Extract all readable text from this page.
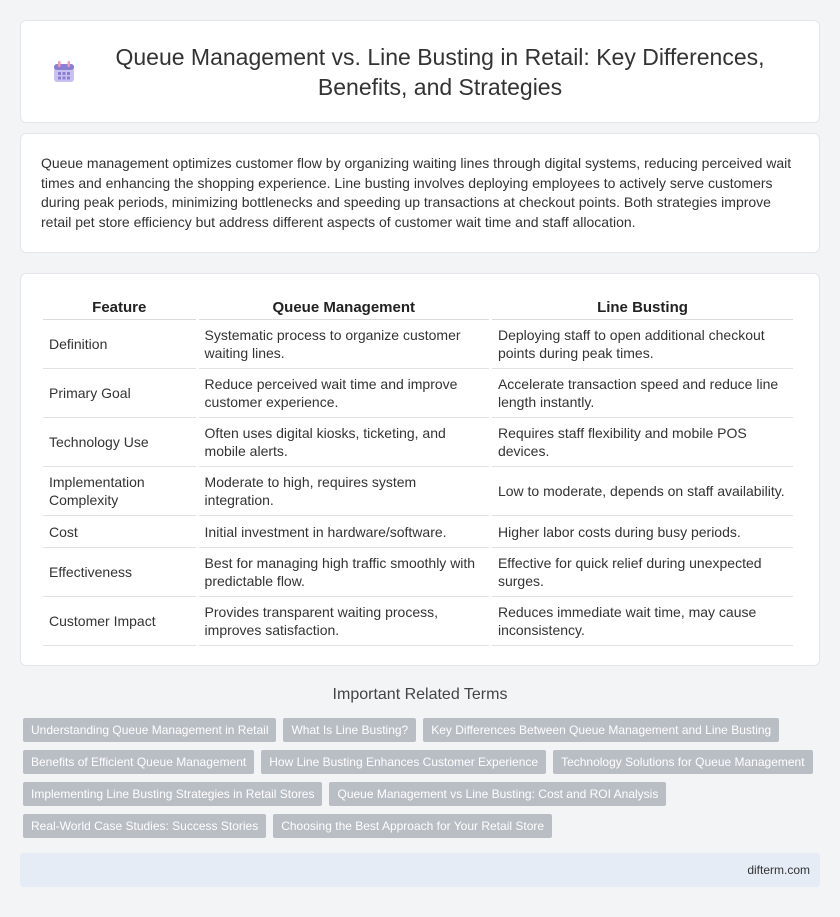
Queue Management vs. Line Busting in Retail: Key Differences, Benefits, and Strategies

Queue management optimizes customer flow by organizing waiting lines through digital systems, reducing perceived wait times and enhancing the shopping experience. Line busting involves deploying employees to actively serve customers during peak periods, minimizing bottlenecks and speeding up transactions at checkout points. Both strategies improve retail pet store efficiency but address different aspects of customer wait time and staff allocation.

Feature	Queue Management	Line Busting
Definition	Systematic process to organize customer waiting lines.	Deploying staff to open additional checkout points during peak times.
Primary Goal	Reduce perceived wait time and improve customer experience.	Accelerate transaction speed and reduce line length instantly.
Technology Use	Often uses digital kiosks, ticketing, and mobile alerts.	Requires staff flexibility and mobile POS devices.
Implementation Complexity	Moderate to high, requires system integration.	Low to moderate, depends on staff availability.
Cost	Initial investment in hardware/software.	Higher labor costs during busy periods.
Effectiveness	Best for managing high traffic smoothly with predictable flow.	Effective for quick relief during unexpected surges.
Customer Impact	Provides transparent waiting process, improves satisfaction.	Reduces immediate wait time, may cause inconsistency.
Important Related Terms
Understanding Queue Management in Retail	What Is Line Busting?	Key Differences Between Queue Management and Line Busting
Benefits of Efficient Queue Management	How Line Busting Enhances Customer Experience	Technology Solutions for Queue Management
Implementing Line Busting Strategies in Retail Stores	Queue Management vs Line Busting: Cost and ROI Analysis
Real-World Case Studies: Success Stories	Choosing the Best Approach for Your Retail Store
difterm.com
